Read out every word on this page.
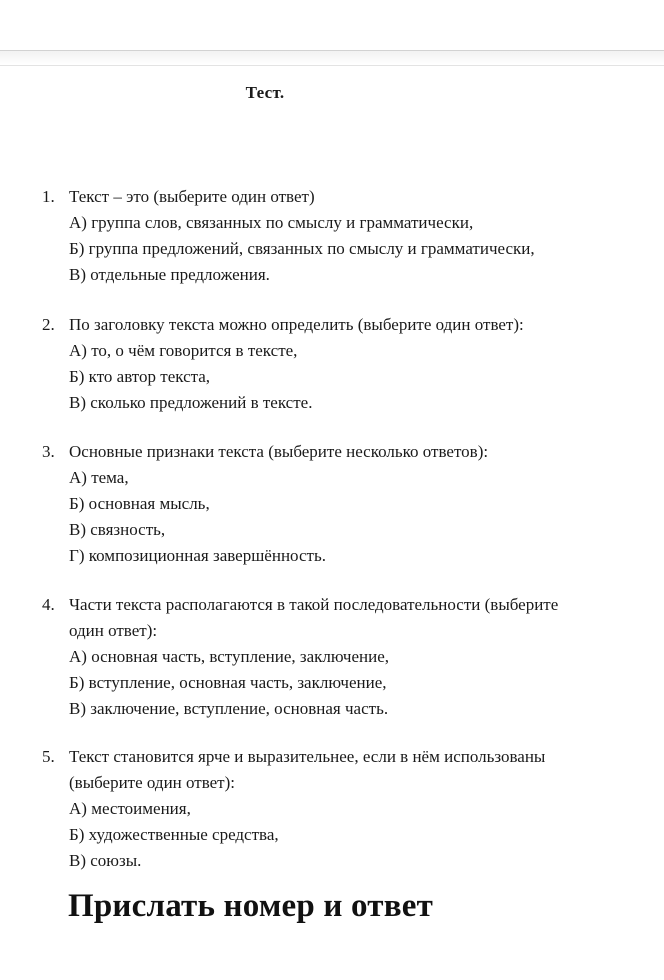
Тест.
1. Текст – это (выберите один ответ)
А) группа слов, связанных по смыслу и грамматически,
Б) группа предложений, связанных по смыслу и грамматически,
В) отдельные предложения.
2. По заголовку текста можно определить (выберите один ответ):
А) то, о чём говорится в тексте,
Б) кто автор текста,
В) сколько предложений в тексте.
3. Основные признаки текста (выберите несколько ответов):
А) тема,
Б) основная мысль,
В) связность,
Г) композиционная завершённость.
4. Части текста располагаются в такой последовательности (выберите
один ответ):
А) основная часть, вступление, заключение,
Б) вступление, основная часть, заключение,
В) заключение, вступление, основная часть.
5. Текст становится ярче и выразительнее, если в нём использованы
(выберите один ответ):
А) местоимения,
Б) художественные средства,
В) союзы.
Прислать номер и ответ
